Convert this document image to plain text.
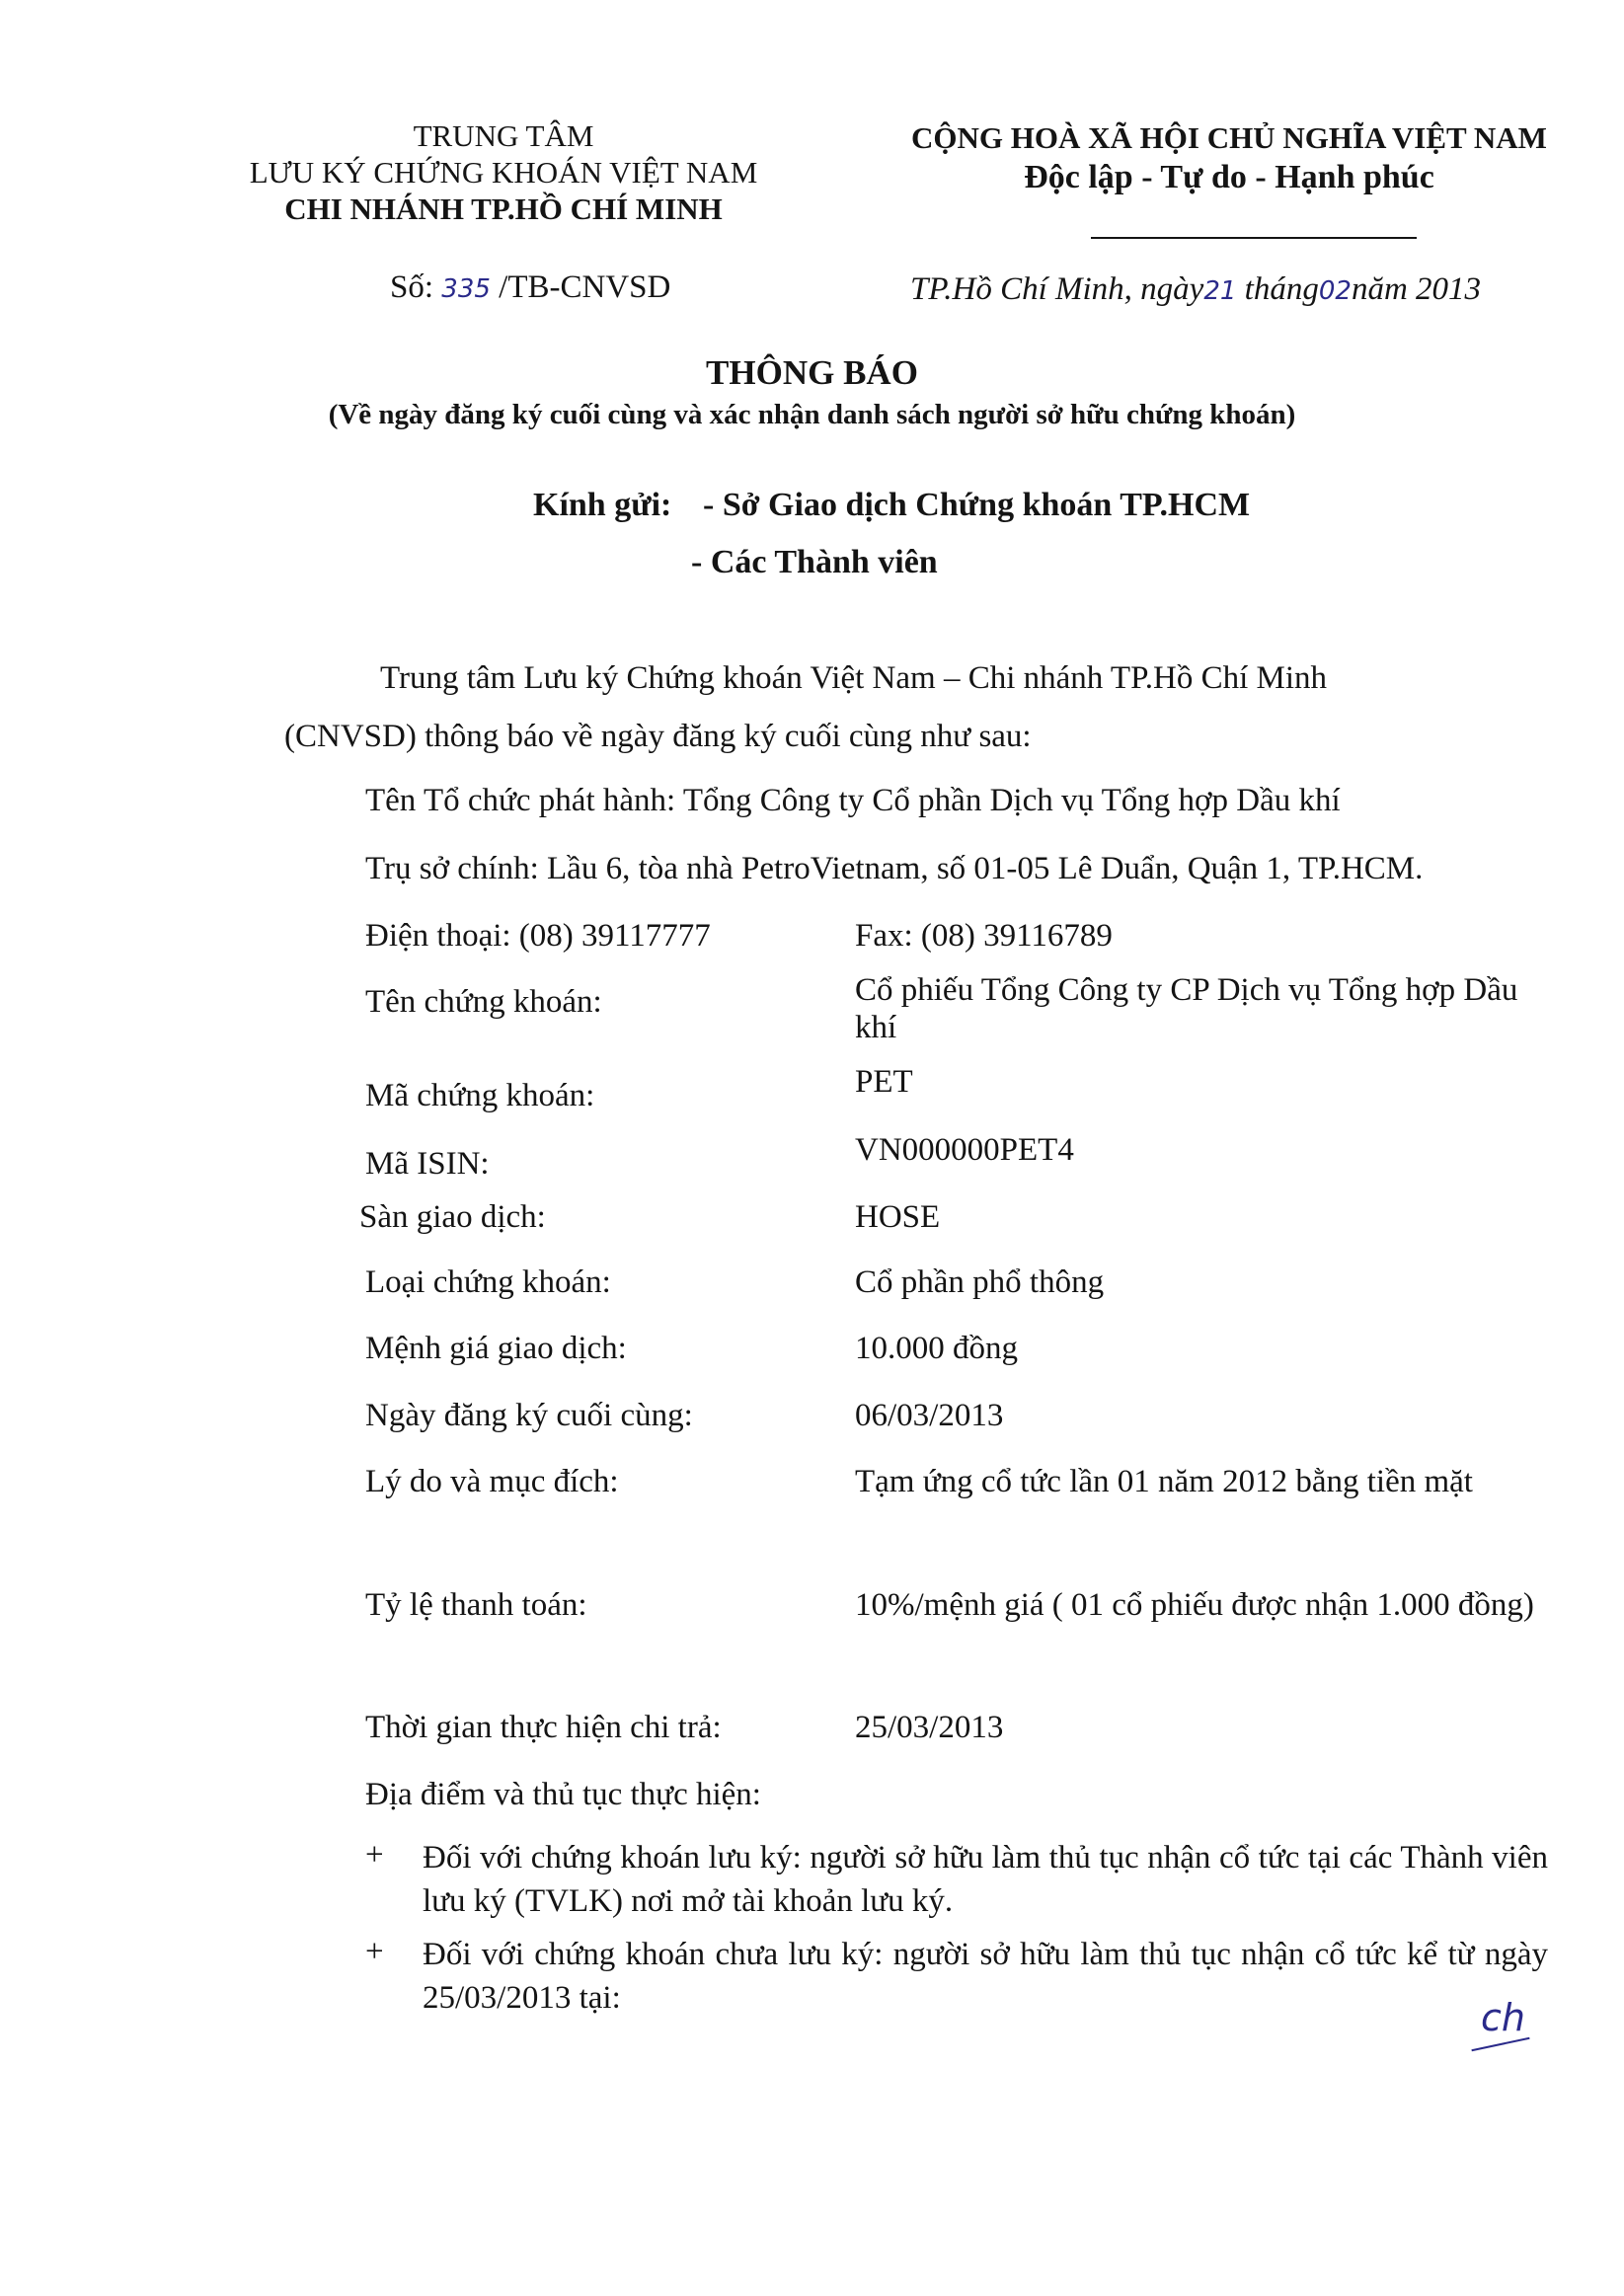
TRUNG TÂM
LƯU KÝ CHỨNG KHOÁN VIỆT NAM
CHI NHÁNH TP.HỒ CHÍ MINH
Số: 335 /TB-CNVSD
CỘNG HOÀ XÃ HỘI CHỦ NGHĨA VIỆT NAM
Độc lập - Tự do - Hạnh phúc
TP.Hồ Chí Minh, ngày21 tháng02năm 2013
THÔNG BÁO
(Về ngày đăng ký cuối cùng và xác nhận danh sách người sở hữu chứng khoán)
Kính gửi: - Sở Giao dịch Chứng khoán TP.HCM
- Các Thành viên
Trung tâm Lưu ký Chứng khoán Việt Nam – Chi nhánh TP.Hồ Chí Minh
(CNVSD) thông báo về ngày đăng ký cuối cùng như sau:
Tên Tổ chức phát hành: Tổng Công ty Cổ phần Dịch vụ Tổng hợp Dầu khí
Trụ sở chính: Lầu 6, tòa nhà PetroVietnam, số 01-05 Lê Duẩn, Quận 1, TP.HCM.
Điện thoại: (08) 39117777	Fax: (08) 39116789
Tên chứng khoán:	Cổ phiếu Tổng Công ty CP Dịch vụ Tổng hợp Dầu khí
Mã chứng khoán:	PET
Mã ISIN:	VN000000PET4
Sàn giao dịch:	HOSE
Loại chứng khoán:	Cổ phần phổ thông
Mệnh giá giao dịch:	10.000 đồng
Ngày đăng ký cuối cùng:	06/03/2013
Lý do và mục đích:	Tạm ứng cổ tức lần 01 năm 2012 bằng tiền mặt
Tỷ lệ thanh toán:	10%/mệnh giá ( 01 cổ phiếu được nhận 1.000 đồng)
Thời gian thực hiện chi trả:	25/03/2013
Địa điểm và thủ tục thực hiện:
+ Đối với chứng khoán lưu ký: người sở hữu làm thủ tục nhận cổ tức tại các Thành viên lưu ký (TVLK) nơi mở tài khoản lưu ký.
+ Đối với chứng khoán chưa lưu ký: người sở hữu làm thủ tục nhận cổ tức kể từ ngày 25/03/2013 tại:	ch
